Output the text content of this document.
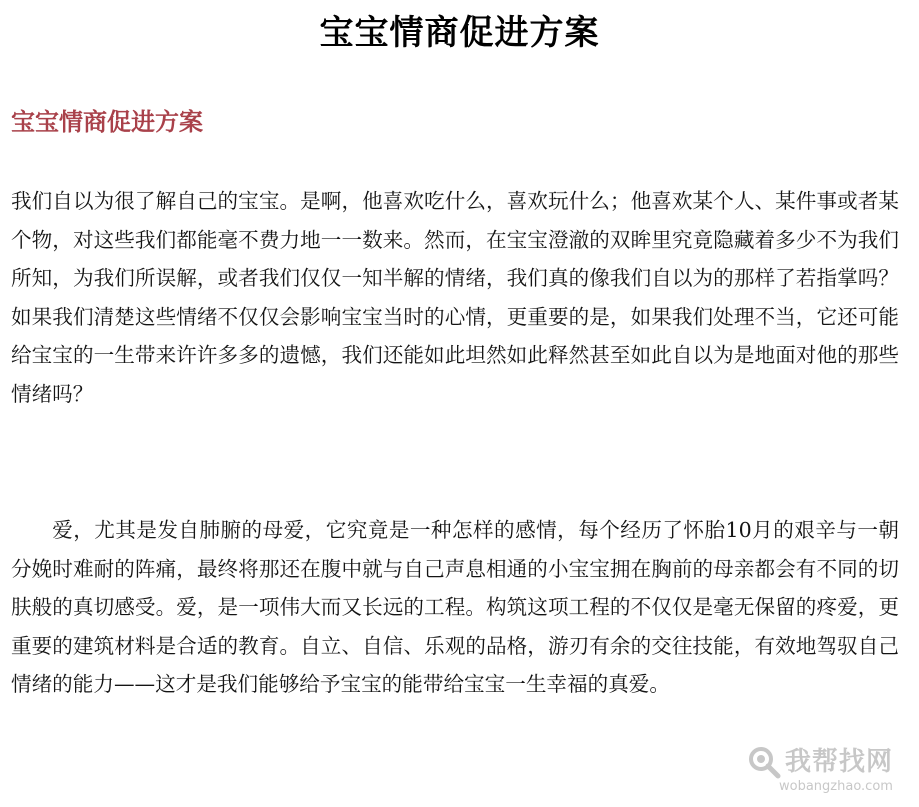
宝宝情商促进方案
宝宝情商促进方案

我们自以为很了解自己的宝宝。是啊，他喜欢吃什么，喜欢玩什么；他喜欢某个人、某件事或者某个物，对这些我们都能毫不费力地一一数来。然而，在宝宝澄澈的双眸里究竟隐藏着多少不为我们所知，为我们所误解，或者我们仅仅一知半解的情绪，我们真的像我们自以为的那样了若指掌吗？如果我们清楚这些情绪不仅仅会影响宝宝当时的心情，更重要的是，如果我们处理不当，它还可能给宝宝的一生带来许许多多的遗憾，我们还能如此坦然如此释然甚至如此自以为是地面对他的那些情绪吗？

爱，尤其是发自肺腑的母爱，它究竟是一种怎样的感情，每个经历了怀胎10月的艰辛与一朝分娩时难耐的阵痛，最终将那还在腹中就与自己声息相通的小宝宝拥在胸前的母亲都会有不同的切肤般的真切感受。爱，是一项伟大而又长远的工程。构筑这项工程的不仅仅是毫无保留的疼爱，更重要的建筑材料是合适的教育。自立、自信、乐观的品格，游刃有余的交往技能，有效地驾驭自己情绪的能力——这才是我们能够给予宝宝的能带给宝宝一生幸福的真爱。

我帮找网
wobangzhao.com
